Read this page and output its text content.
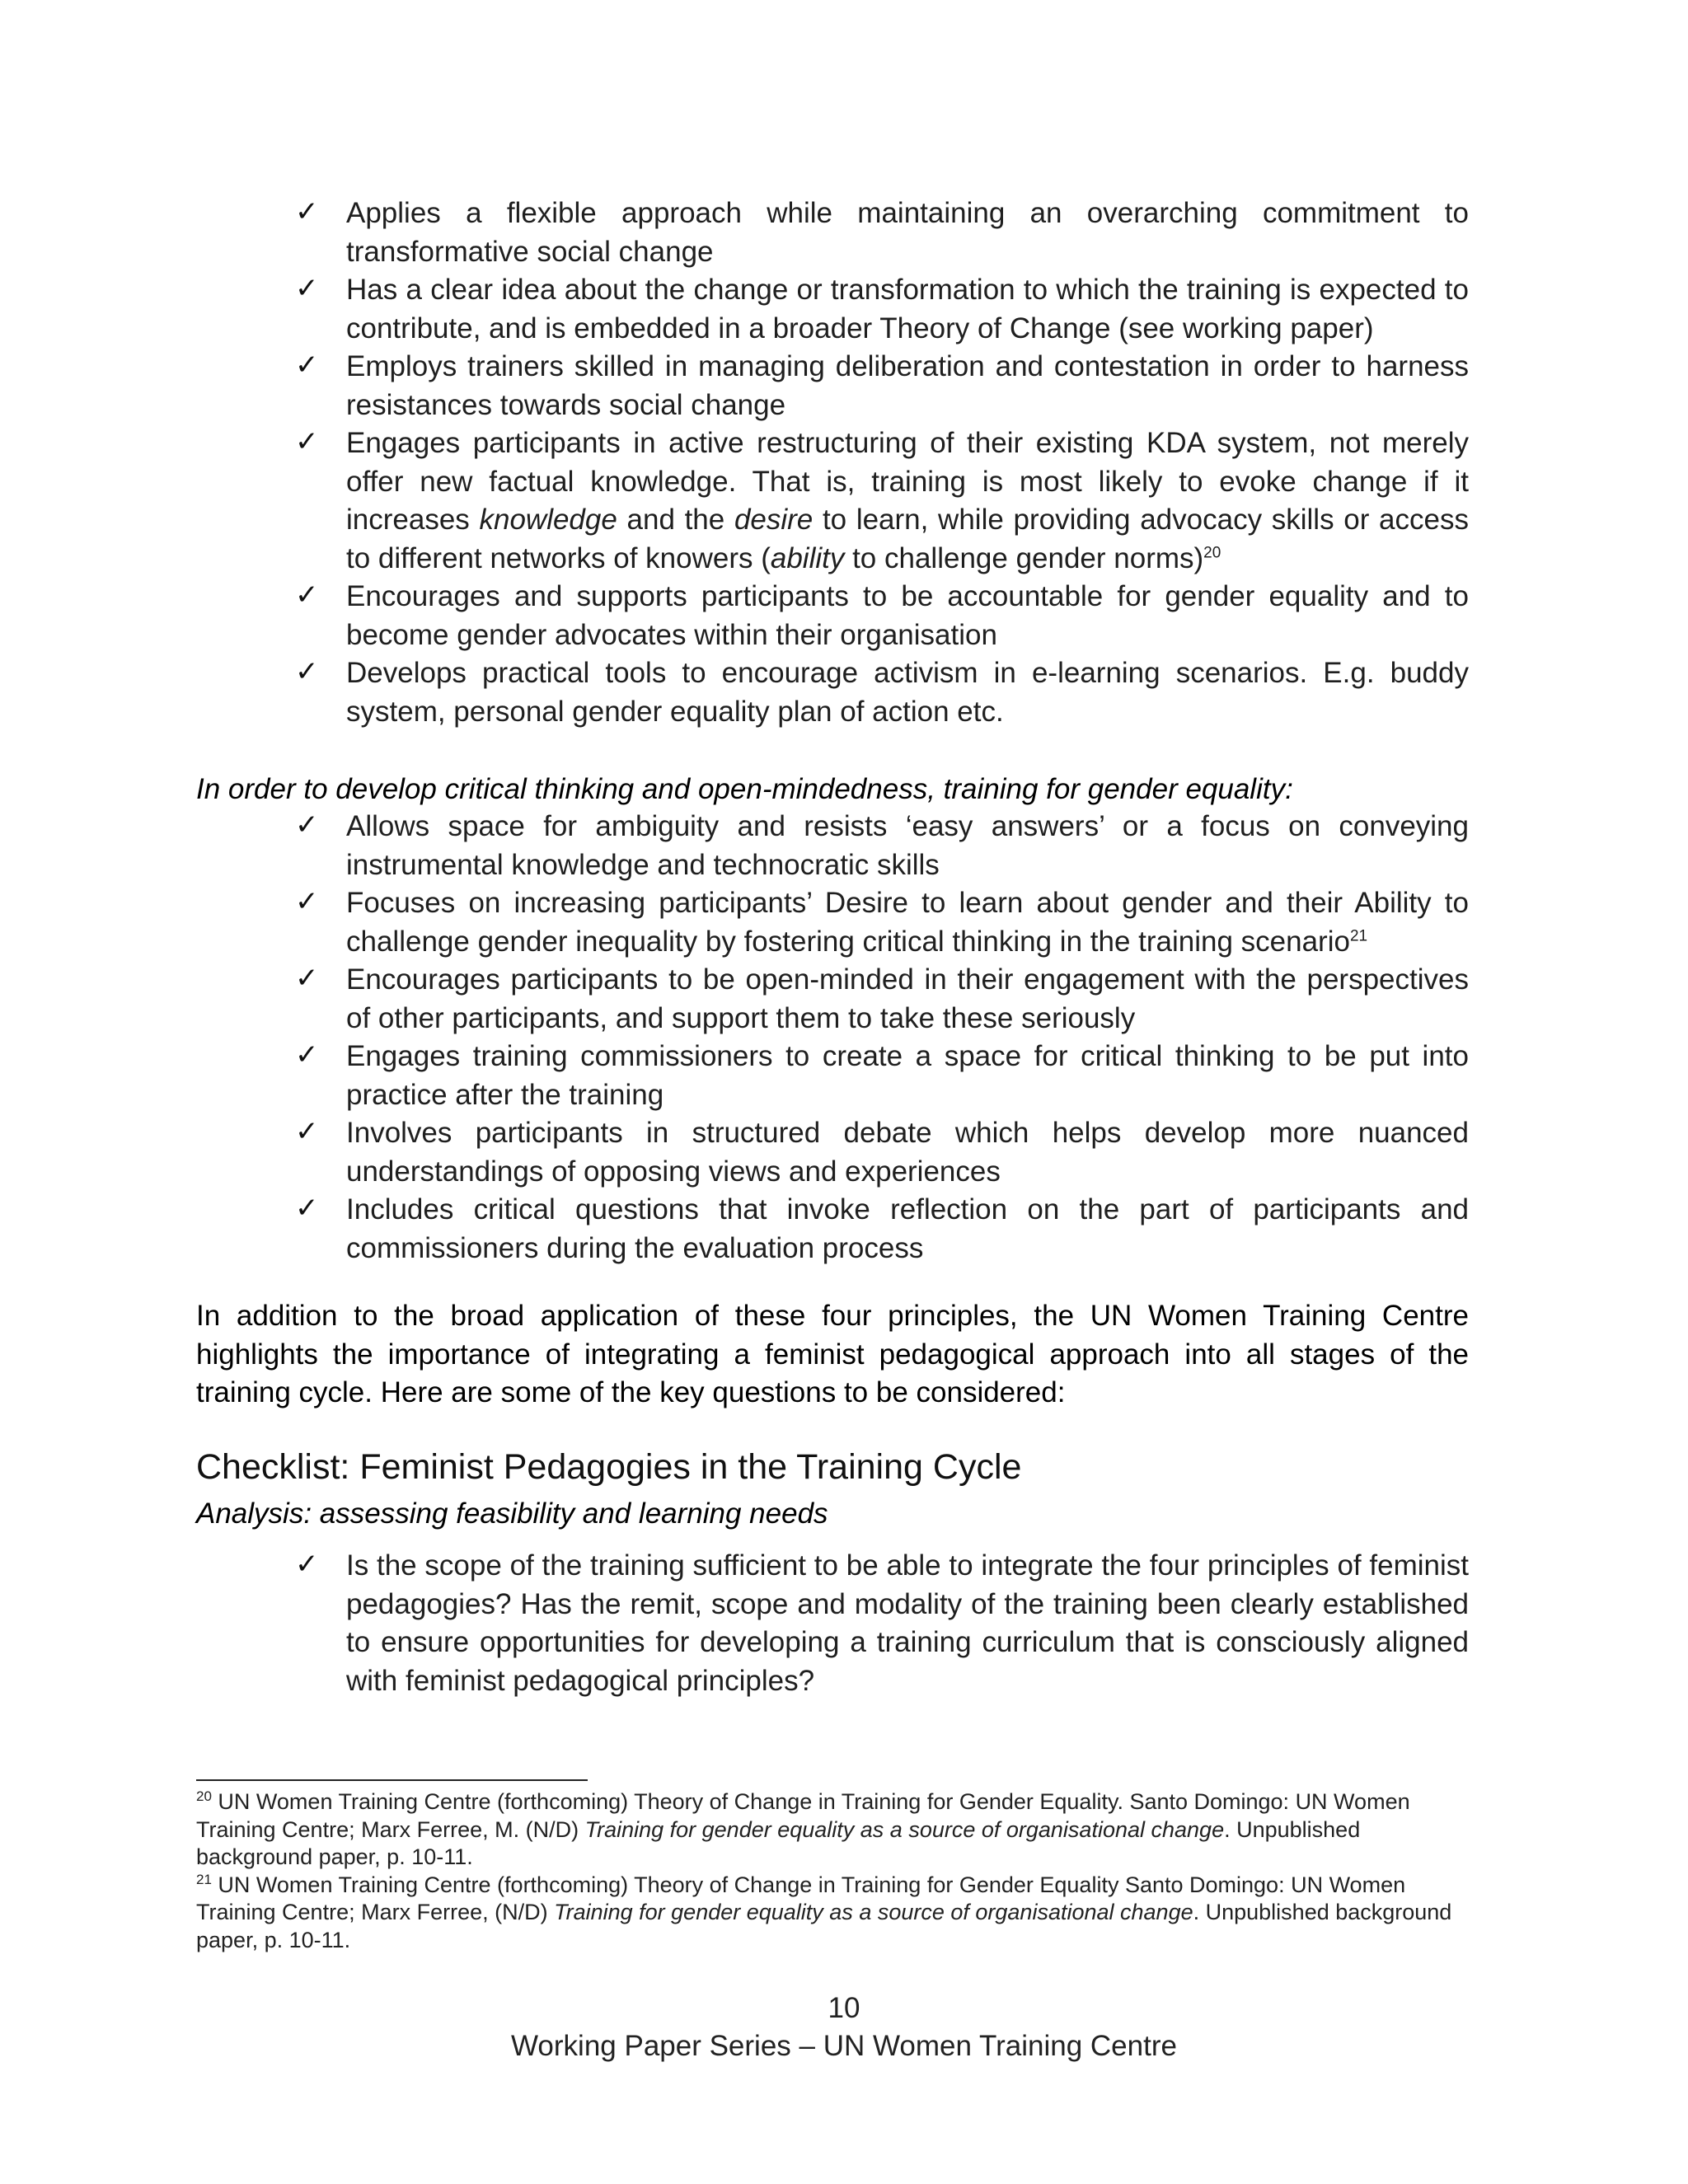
✓ Applies a flexible approach while maintaining an overarching commitment to transformative social change
✓ Has a clear idea about the change or transformation to which the training is expected to contribute, and is embedded in a broader Theory of Change (see working paper)
✓ Employs trainers skilled in managing deliberation and contestation in order to harness resistances towards social change
✓ Engages participants in active restructuring of their existing KDA system, not merely offer new factual knowledge. That is, training is most likely to evoke change if it increases knowledge and the desire to learn, while providing advocacy skills or access to different networks of knowers (ability to challenge gender norms)$^{20}$
✓ Encourages and supports participants to be accountable for gender equality and to become gender advocates within their organisation
✓ Develops practical tools to encourage activism in e-learning scenarios. E.g. buddy system, personal gender equality plan of action etc.
In order to develop critical thinking and open-mindedness, training for gender equality:
✓ Allows space for ambiguity and resists ‘easy answers’ or a focus on conveying instrumental knowledge and technocratic skills
✓ Focuses on increasing participants’ Desire to learn about gender and their Ability to challenge gender inequality by fostering critical thinking in the training scenario$^{21}$
✓ Encourages participants to be open-minded in their engagement with the perspectives of other participants, and support them to take these seriously
✓ Engages training commissioners to create a space for critical thinking to be put into practice after the training
✓ Involves participants in structured debate which helps develop more nuanced understandings of opposing views and experiences
✓ Includes critical questions that invoke reflection on the part of participants and commissioners during the evaluation process
In addition to the broad application of these four principles, the UN Women Training Centre highlights the importance of integrating a feminist pedagogical approach into all stages of the training cycle. Here are some of the key questions to be considered:
Checklist: Feminist Pedagogies in the Training Cycle
Analysis: assessing feasibility and learning needs
✓ Is the scope of the training sufficient to be able to integrate the four principles of feminist pedagogies? Has the remit, scope and modality of the training been clearly established to ensure opportunities for developing a training curriculum that is consciously aligned with feminist pedagogical principles?
$^{20}$ UN Women Training Centre (forthcoming) Theory of Change in Training for Gender Equality. Santo Domingo: UN Women Training Centre; Marx Ferree, M. (N/D) Training for gender equality as a source of organisational change. Unpublished background paper, p. 10-11.
$^{21}$ UN Women Training Centre (forthcoming) Theory of Change in Training for Gender Equality Santo Domingo: UN Women Training Centre; Marx Ferree, (N/D) Training for gender equality as a source of organisational change. Unpublished background paper, p. 10-11.
10
Working Paper Series – UN Women Training Centre
